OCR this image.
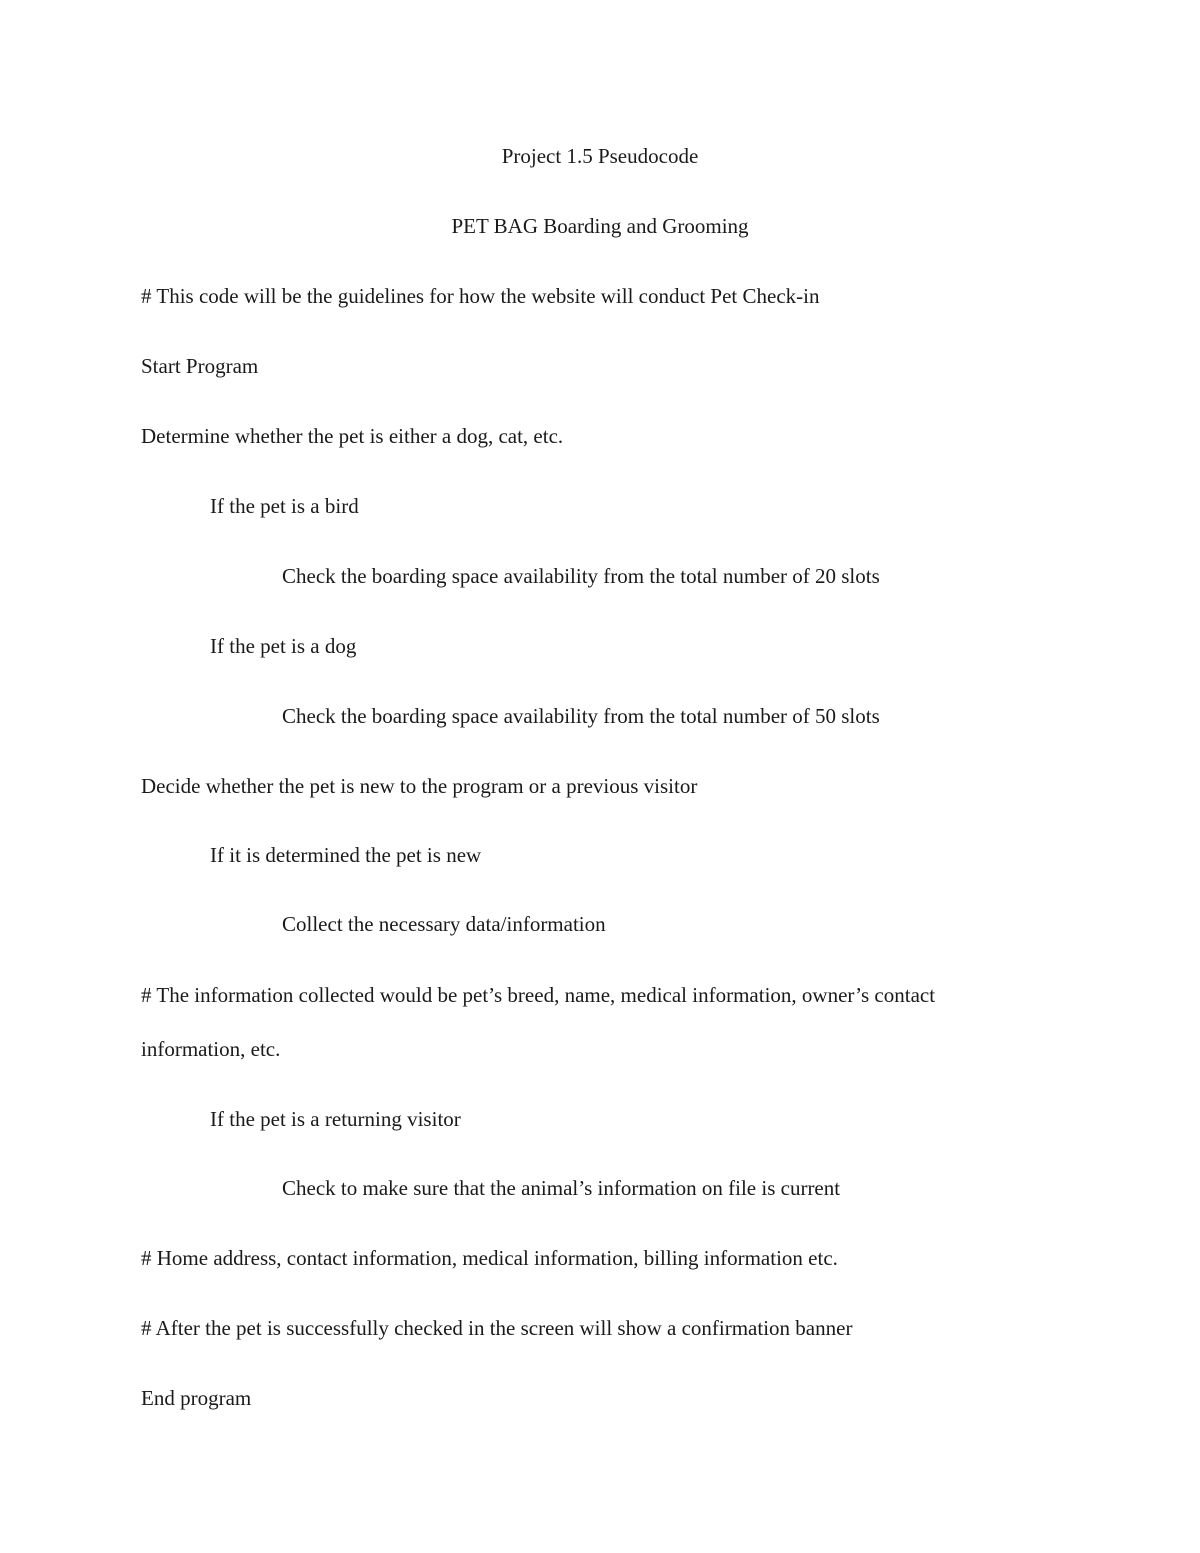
Project 1.5 Pseudocode
PET BAG Boarding and Grooming
# This code will be the guidelines for how the website will conduct Pet Check-in
Start Program
Determine whether the pet is either a dog, cat, etc.
If the pet is a bird
Check the boarding space availability from the total number of 20 slots
If the pet is a dog
Check the boarding space availability from the total number of 50 slots
Decide whether the pet is new to the program or a previous visitor
If it is determined the pet is new
Collect the necessary data/information
# The information collected would be pet’s breed, name, medical information, owner’s contact
information, etc.
If the pet is a returning visitor
Check to make sure that the animal’s information on file is current
# Home address, contact information, medical information, billing information etc.
# After the pet is successfully checked in the screen will show a confirmation banner
End program
